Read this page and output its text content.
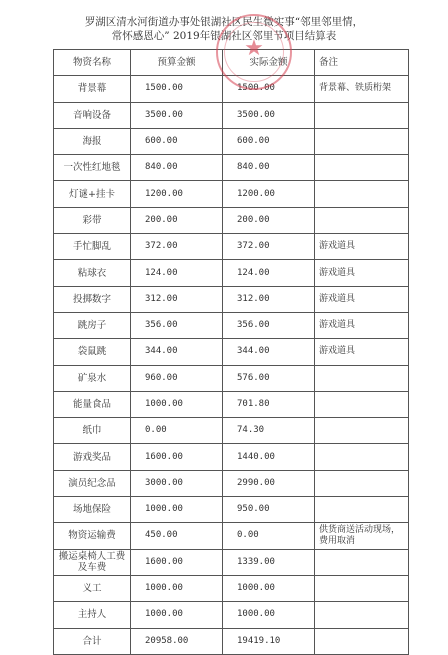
罗湖区清水河街道办事处银湖社区民生微实事“邻里邻里情，
常怀感恩心” 2019年银湖社区邻里节项目结算表
物资名称	预算金额	实际金额	备注
背景幕	1500.00	1500.00	背景幕、铁质桁架
音响设备	3500.00	3500.00	
海报	600.00	600.00	
一次性红地毯	840.00	840.00	
灯谜+挂卡	1200.00	1200.00	
彩带	200.00	200.00	
手忙脚乱	372.00	372.00	游戏道具
粘球衣	124.00	124.00	游戏道具
投掷数字	312.00	312.00	游戏道具
跳房子	356.00	356.00	游戏道具
袋鼠跳	344.00	344.00	游戏道具
矿泉水	960.00	576.00	
能量食品	1000.00	701.80	
纸巾	0.00	74.30	
游戏奖品	1600.00	1440.00	
演员纪念品	3000.00	2990.00	
场地保险	1000.00	950.00	
物资运输费	450.00	0.00	供货商送活动现场，费用取消
搬运桌椅人工费及车费	1600.00	1339.00	
义工	1000.00	1000.00	
主持人	1000.00	1000.00	
合计	20958.00	19419.10	
★
